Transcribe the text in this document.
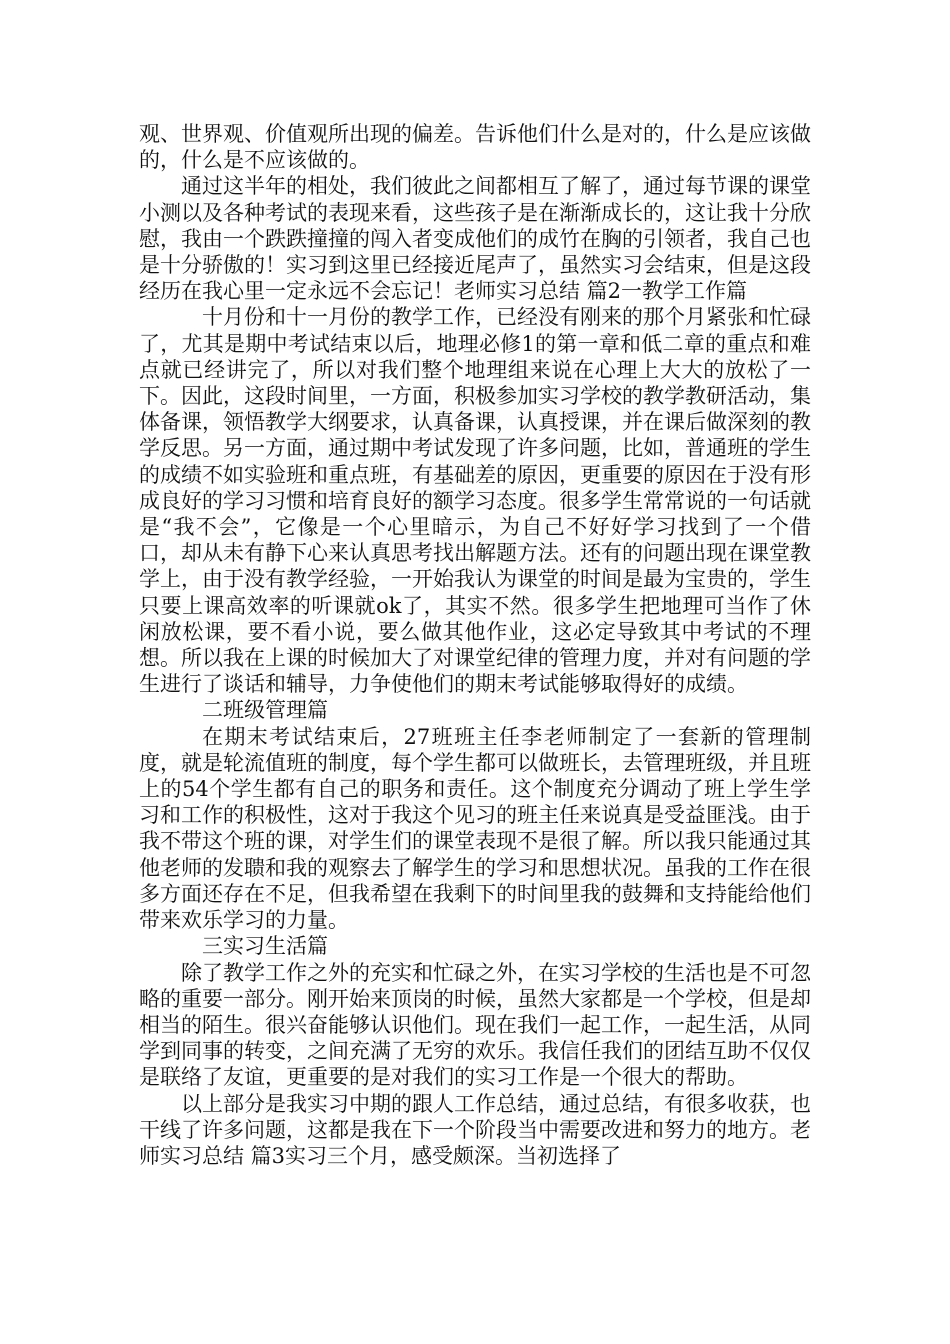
观、世界观、价值观所出现的偏差。告诉他们什么是对的，什么是应该做的，什么是不应该做的。

通过这半年的相处，我们彼此之间都相互了解了，通过每节课的课堂小测以及各种考试的表现来看，这些孩子是在渐渐成长的，这让我十分欣慰，我由一个跌跌撞撞的闯入者变成他们的成竹在胸的引领者，我自己也是十分骄傲的！实习到这里已经接近尾声了，虽然实习会结束，但是这段经历在我心里一定永远不会忘记！老师实习总结 篇2一教学工作篇

十月份和十一月份的教学工作，已经没有刚来的那个月紧张和忙碌了，尤其是期中考试结束以后，地理必修1的第一章和低二章的重点和难点就已经讲完了，所以对我们整个地理组来说在心理上大大的放松了一下。因此，这段时间里，一方面，积极参加实习学校的教学教研活动，集体备课，领悟教学大纲要求，认真备课，认真授课，并在课后做深刻的教学反思。另一方面，通过期中考试发现了许多问题，比如，普通班的学生的成绩不如实验班和重点班，有基础差的原因，更重要的原因在于没有形成良好的学习习惯和培育良好的额学习态度。很多学生常常说的一句话就是“我不会”，它像是一个心里暗示，为自己不好好学习找到了一个借口，却从未有静下心来认真思考找出解题方法。还有的问题出现在课堂教学上，由于没有教学经验，一开始我认为课堂的时间是最为宝贵的，学生只要上课高效率的听课就ok了，其实不然。很多学生把地理可当作了休闲放松课，要不看小说，要么做其他作业，这必定导致其中考试的不理想。所以我在上课的时候加大了对课堂纪律的管理力度，并对有问题的学生进行了谈话和辅导，力争使他们的期末考试能够取得好的成绩。

二班级管理篇

在期末考试结束后，27班班主任李老师制定了一套新的管理制度，就是轮流值班的制度，每个学生都可以做班长，去管理班级，并且班上的54个学生都有自己的职务和责任。这个制度充分调动了班上学生学习和工作的积极性，这对于我这个见习的班主任来说真是受益匪浅。由于我不带这个班的课，对学生们的课堂表现不是很了解。所以我只能通过其他老师的发聩和我的观察去了解学生的学习和思想状况。虽我的工作在很多方面还存在不足，但我希望在我剩下的时间里我的鼓舞和支持能给他们带来欢乐学习的力量。

三实习生活篇

除了教学工作之外的充实和忙碌之外，在实习学校的生活也是不可忽略的重要一部分。刚开始来顶岗的时候，虽然大家都是一个学校，但是却相当的陌生。很兴奋能够认识他们。现在我们一起工作，一起生活，从同学到同事的转变，之间充满了无穷的欢乐。我信任我们的团结互助不仅仅是联络了友谊，更重要的是对我们的实习工作是一个很大的帮助。

以上部分是我实习中期的跟人工作总结，通过总结，有很多收获，也干线了许多问题，这都是我在下一个阶段当中需要改进和努力的地方。老师实习总结 篇3实习三个月，感受颇深。当初选择了
